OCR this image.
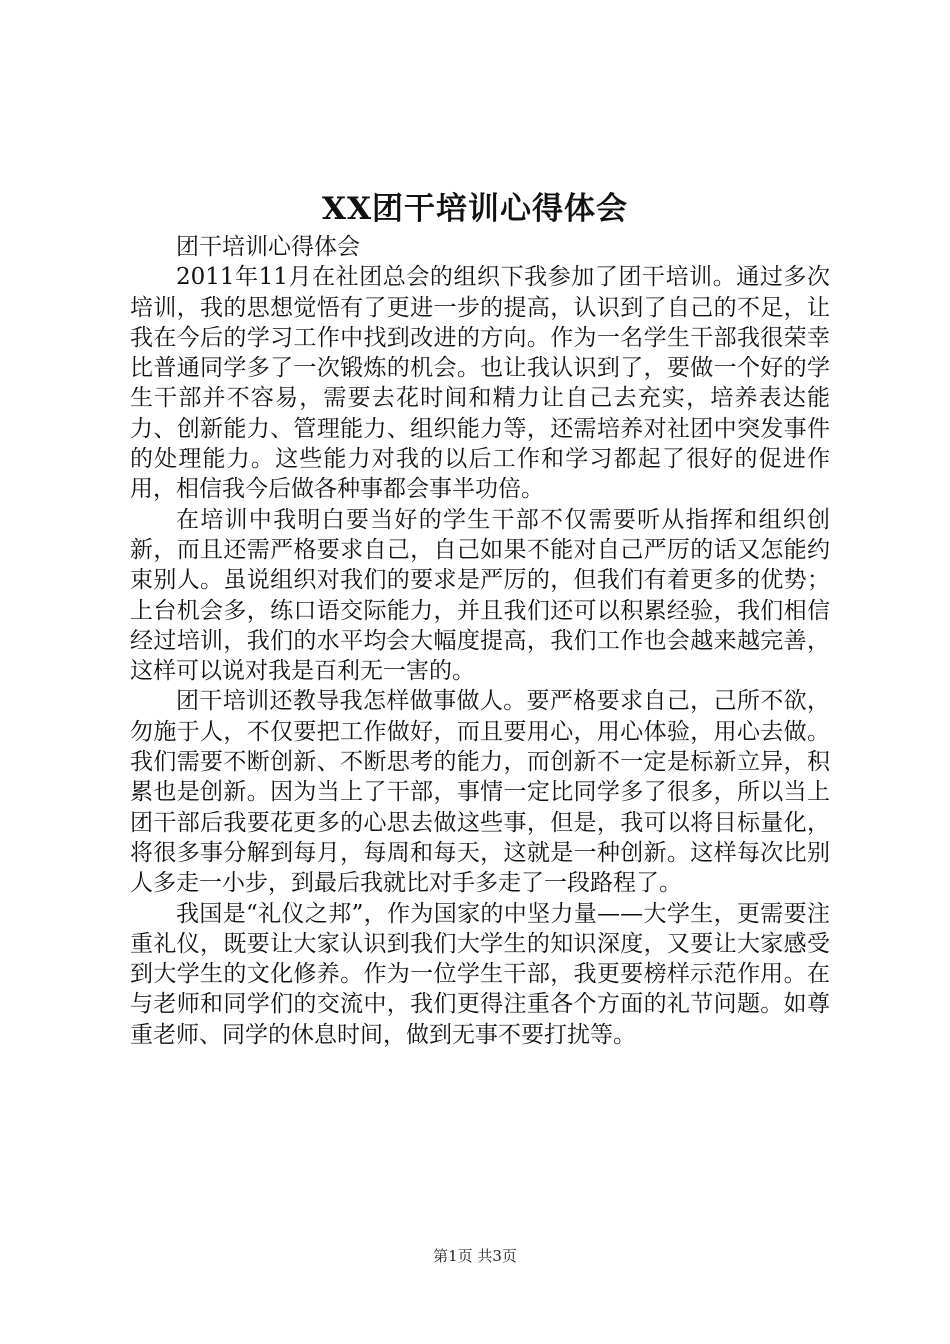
XX团干培训心得体会

团干培训心得体会

2011年11月在社团总会的组织下我参加了团干培训。通过多次培训，我的思想觉悟有了更进一步的提高，认识到了自己的不足，让我在今后的学习工作中找到改进的方向。作为一名学生干部我很荣幸比普通同学多了一次锻炼的机会。也让我认识到了，要做一个好的学生干部并不容易，需要去花时间和精力让自己去充实，培养表达能力、创新能力、管理能力、组织能力等，还需培养对社团中突发事件的处理能力。这些能力对我的以后工作和学习都起了很好的促进作用，相信我今后做各种事都会事半功倍。

在培训中我明白要当好的学生干部不仅需要听从指挥和组织创新，而且还需严格要求自己，自己如果不能对自己严厉的话又怎能约束别人。虽说组织对我们的要求是严厉的，但我们有着更多的优势；上台机会多，练口语交际能力，并且我们还可以积累经验，我们相信经过培训，我们的水平均会大幅度提高，我们工作也会越来越完善，这样可以说对我是百利无一害的。

团干培训还教导我怎样做事做人。要严格要求自己，己所不欲，勿施于人，不仅要把工作做好，而且要用心，用心体验，用心去做。我们需要不断创新、不断思考的能力，而创新不一定是标新立异，积累也是创新。因为当上了干部，事情一定比同学多了很多，所以当上团干部后我要花更多的心思去做这些事，但是，我可以将目标量化，将很多事分解到每月，每周和每天，这就是一种创新。这样每次比别人多走一小步，到最后我就比对手多走了一段路程了。

我国是“礼仪之邦”，作为国家的中坚力量——大学生，更需要注重礼仪，既要让大家认识到我们大学生的知识深度，又要让大家感受到大学生的文化修养。作为一位学生干部，我更要榜样示范作用。在与老师和同学们的交流中，我们更得注重各个方面的礼节问题。如尊重老师、同学的休息时间，做到无事不要打扰等。

第1页 共3页
